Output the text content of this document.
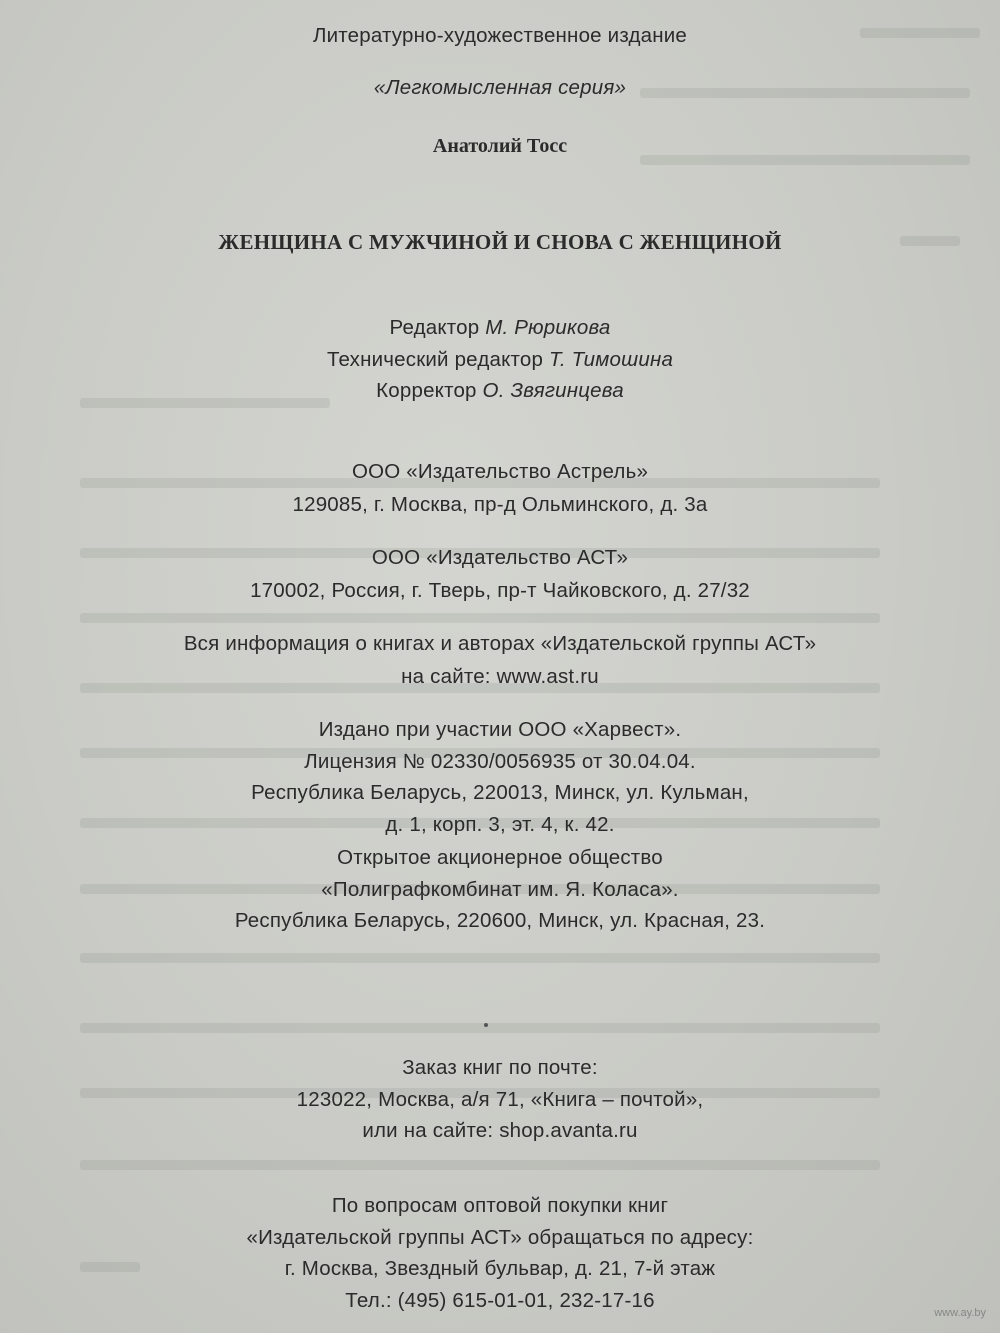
Литературно-художественное издание
«Легкомысленная серия»
Анатолий Тосс
ЖЕНЩИНА С МУЖЧИНОЙ И СНОВА С ЖЕНЩИНОЙ
Редактор М. Рюрикова
Технический редактор Т. Тимошина
Корректор О. Звягинцева
ООО «Издательство Астрель»
129085, г. Москва, пр-д Ольминского, д. 3а
ООО «Издательство АСТ»
170002, Россия, г. Тверь, пр-т Чайковского, д. 27/32
Вся информация о книгах и авторах «Издательской группы АСТ»
на сайте: www.ast.ru
Издано при участии ООО «Харвест».
Лицензия № 02330/0056935 от 30.04.04.
Республика Беларусь, 220013, Минск, ул. Кульман,
д. 1, корп. 3, эт. 4, к. 42.
Открытое акционерное общество
«Полиграфкомбинат им. Я. Коласа».
Республика Беларусь, 220600, Минск, ул. Красная, 23.
Заказ книг по почте:
123022, Москва, а/я 71, «Книга – почтой»,
или на сайте: shop.avanta.ru
По вопросам оптовой покупки книг
«Издательской группы АСТ» обращаться по адресу:
г. Москва, Звездный бульвар, д. 21, 7-й этаж
Тел.: (495) 615-01-01, 232-17-16
www.ay.by
